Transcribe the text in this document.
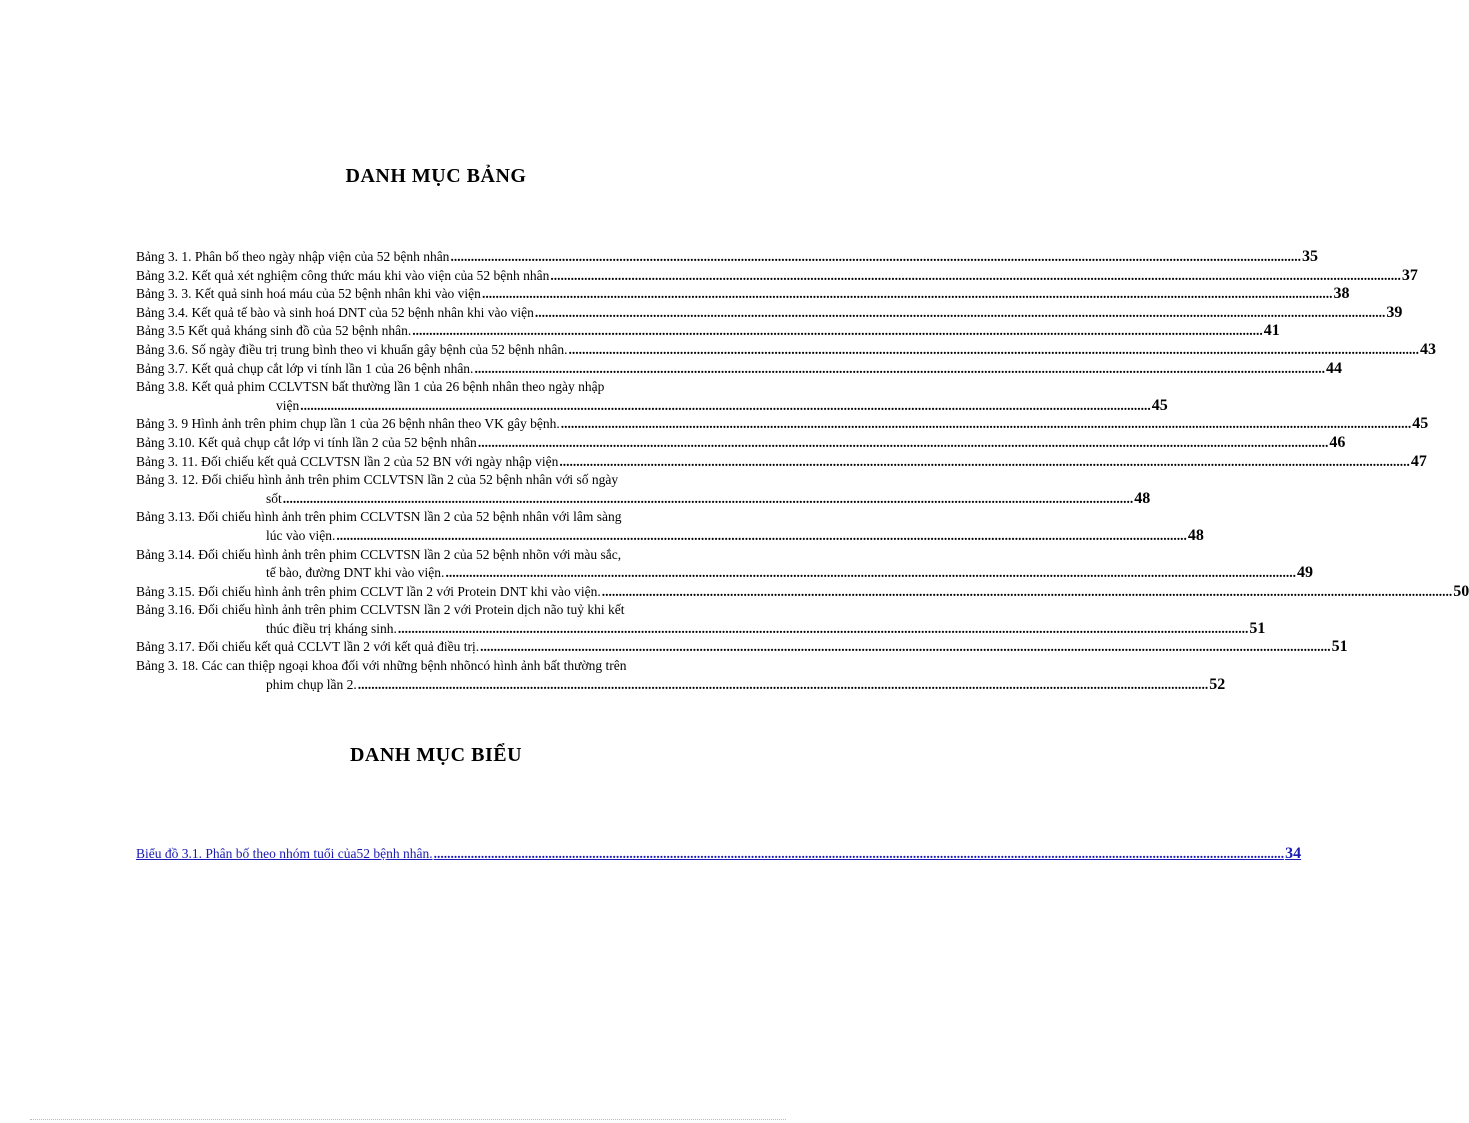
DANH MỤC BẢNG
Bảng 3. 1. Phân bố theo ngày nhập viện của 52 bệnh nhân .....	35
Bảng 3.2. Kết quả xét nghiệm công thức máu khi vào viện của 52 bệnh nhân .....	37
Bảng 3. 3. Kết quả sinh hoá máu của 52 bệnh nhân khi vào viện .....	38
Bảng 3.4. Kết quả tế bào và sinh hoá DNT của 52 bệnh nhân khi vào viện .....	39
Bảng 3.5 Kết quả kháng sinh đồ của 52 bệnh nhân. .....	41
Bảng 3.6. Số ngày điều trị trung bình theo vi khuẩn gây bệnh của 52 bệnh nhân. .....	43
Bảng 3.7. Kết quả chụp cắt lớp vi tính lần 1 của 26 bệnh nhân. .....	44
Bảng 3.8. Kết quả phim CCLVTSN bất thường lần 1 của 26 bệnh nhân theo ngày nhập
viện .....	45
Bảng 3. 9 Hình ảnh trên phim chụp lần 1 của 26 bệnh nhân theo VK gây bệnh. .....	45
Bảng 3.10. Kết quả chụp cắt lớp vi tính lần 2 của 52 bệnh nhân .....	46
Bảng 3. 11. Đối chiếu kết quả CCLVTSN lần 2 của 52 BN với ngày nhập viện .....	47
Bảng 3. 12. Đối chiếu hình ảnh trên phim CCLVTSN lần 2 của 52 bệnh nhân với số ngày
sốt .....	48
Bảng 3.13. Đối chiếu hình ảnh trên phim CCLVTSN lần 2 của 52 bệnh nhân với lâm sàng
lúc vào viện. .....	48
Bảng 3.14. Đối chiếu hình ảnh trên phim CCLVTSN lần 2 của 52 bệnh nhõn với màu sắc,
tế bào, đường DNT khi vào viện. .....	49
Bảng 3.15. Đối chiếu hình ảnh trên phim CCLVT lần 2 với Protein DNT khi vào viện. .....	50
Bảng 3.16. Đối chiếu hình ảnh trên phim CCLVTSN lần 2 với Protein dịch não tuỷ khi kết
thúc điều trị kháng sinh. .....	51
Bảng 3.17. Đối chiếu kết quả CCLVT lần 2 với kết quả điều trị. .....	51
Bảng 3. 18. Các can thiệp ngoại khoa đối với những bệnh nhõncó hình ảnh bất thường trên
phim chụp lần 2. .....	52
DANH MỤC BIỂU
Biểu đồ 3.1. Phân bố theo nhóm tuổi của52 bệnh nhân. .....	34
